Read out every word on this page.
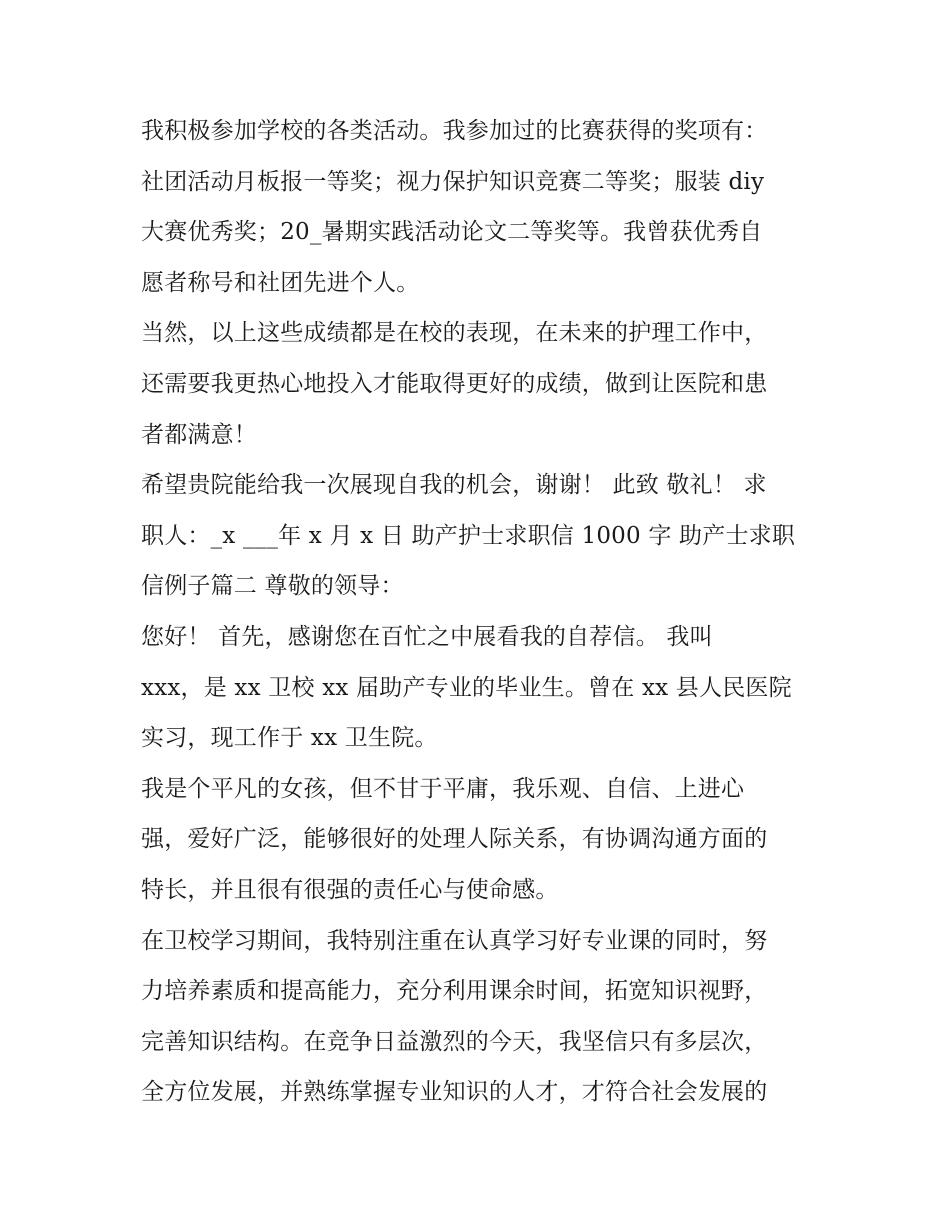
我积极参加学校的各类活动。我参加过的比赛获得的奖项有：
社团活动月板报一等奖；视力保护知识竞赛二等奖；服装 diy
大赛优秀奖；20_暑期实践活动论文二等奖等。我曾获优秀自
愿者称号和社团先进个人。
当然，以上这些成绩都是在校的表现，在未来的护理工作中，
还需要我更热心地投入才能取得更好的成绩，做到让医院和患
者都满意！
希望贵院能给我一次展现自我的机会，谢谢！ 此致 敬礼！ 求
职人：_x ___年 x 月 x 日 助产护士求职信 1000 字 助产士求职
信例子篇二 尊敬的领导：
您好！ 首先，感谢您在百忙之中展看我的自荐信。 我叫
xxx，是 xx 卫校 xx 届助产专业的毕业生。曾在 xx 县人民医院
实习，现工作于 xx 卫生院。
我是个平凡的女孩，但不甘于平庸，我乐观、自信、上进心
强，爱好广泛，能够很好的处理人际关系，有协调沟通方面的
特长，并且很有很强的责任心与使命感。
在卫校学习期间，我特别注重在认真学习好专业课的同时，努
力培养素质和提高能力，充分利用课余时间，拓宽知识视野，
完善知识结构。在竞争日益激烈的今天，我坚信只有多层次，
全方位发展，并熟练掌握专业知识的人才，才符合社会发展的
